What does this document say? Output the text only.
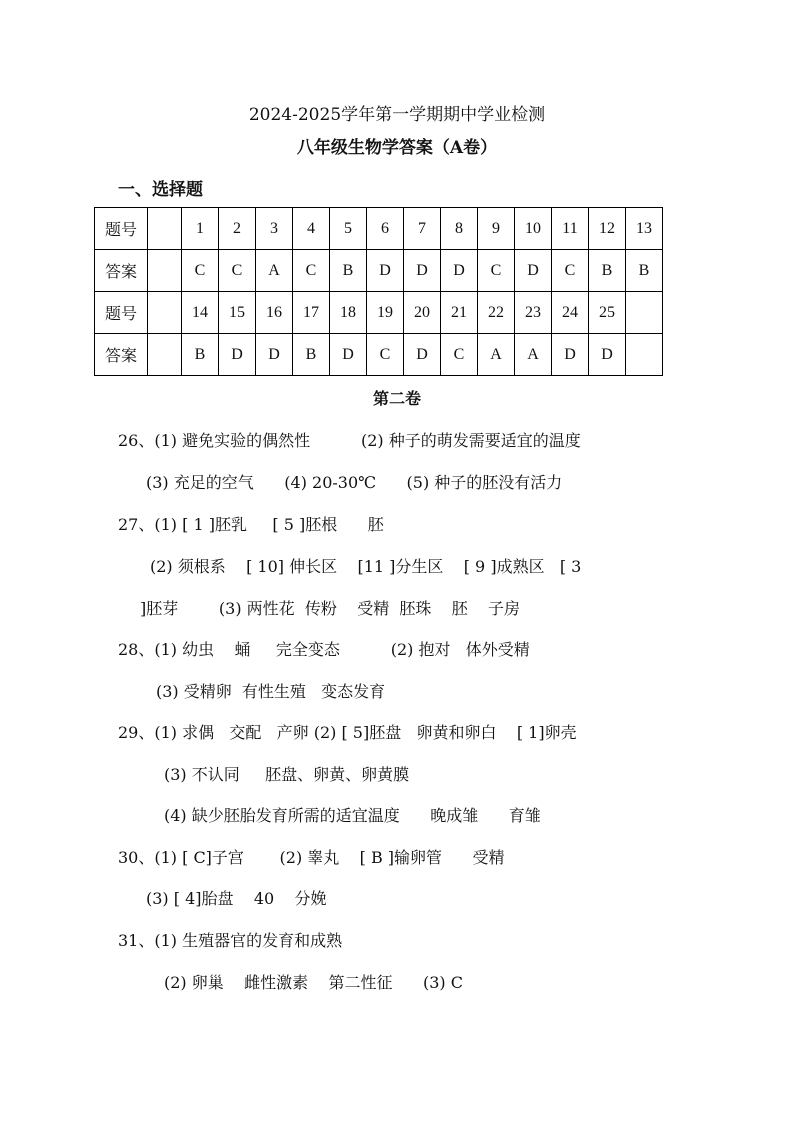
2024-2025学年第一学期期中学业检测
八年级生物学答案（A卷）
一、选择题
题号		1	2	3	4	5	6	7	8	9	10	11	12	13
答案		C	C	A	C	B	D	D	D	C	D	C	B	B
题号		14	15	16	17	18	19	20	21	22	23	24	25	
答案		B	D	D	B	D	C	D	C	A	A	D	D	
第二卷
26、(1) 避免实验的偶然性          (2) 种子的萌发需要适宜的温度
(3) 充足的空气      (4) 20-30℃      (5) 种子的胚没有活力
27、(1) [ 1 ]胚乳     [ 5 ]胚根      胚
(2) 须根系    [ 10] 伸长区    [11 ]分生区    [ 9 ]成熟区   [ 3
]胚芽        (3) 两性花  传粉    受精  胚珠    胚    子房
28、(1) 幼虫    蛹     完全变态          (2) 抱对   体外受精
(3) 受精卵  有性生殖   变态发育
29、(1) 求偶   交配   产卵 (2) [ 5]胚盘   卵黄和卵白    [ 1]卵壳
(3) 不认同     胚盘、卵黄、卵黄膜
(4) 缺少胚胎发育所需的适宜温度      晚成雏      育雏
30、(1) [ C]子宫       (2) 睾丸    [ B ]输卵管      受精
(3) [ 4]胎盘    40    分娩
31、(1) 生殖器官的发育和成熟
(2) 卵巢    雌性激素    第二性征      (3) C
